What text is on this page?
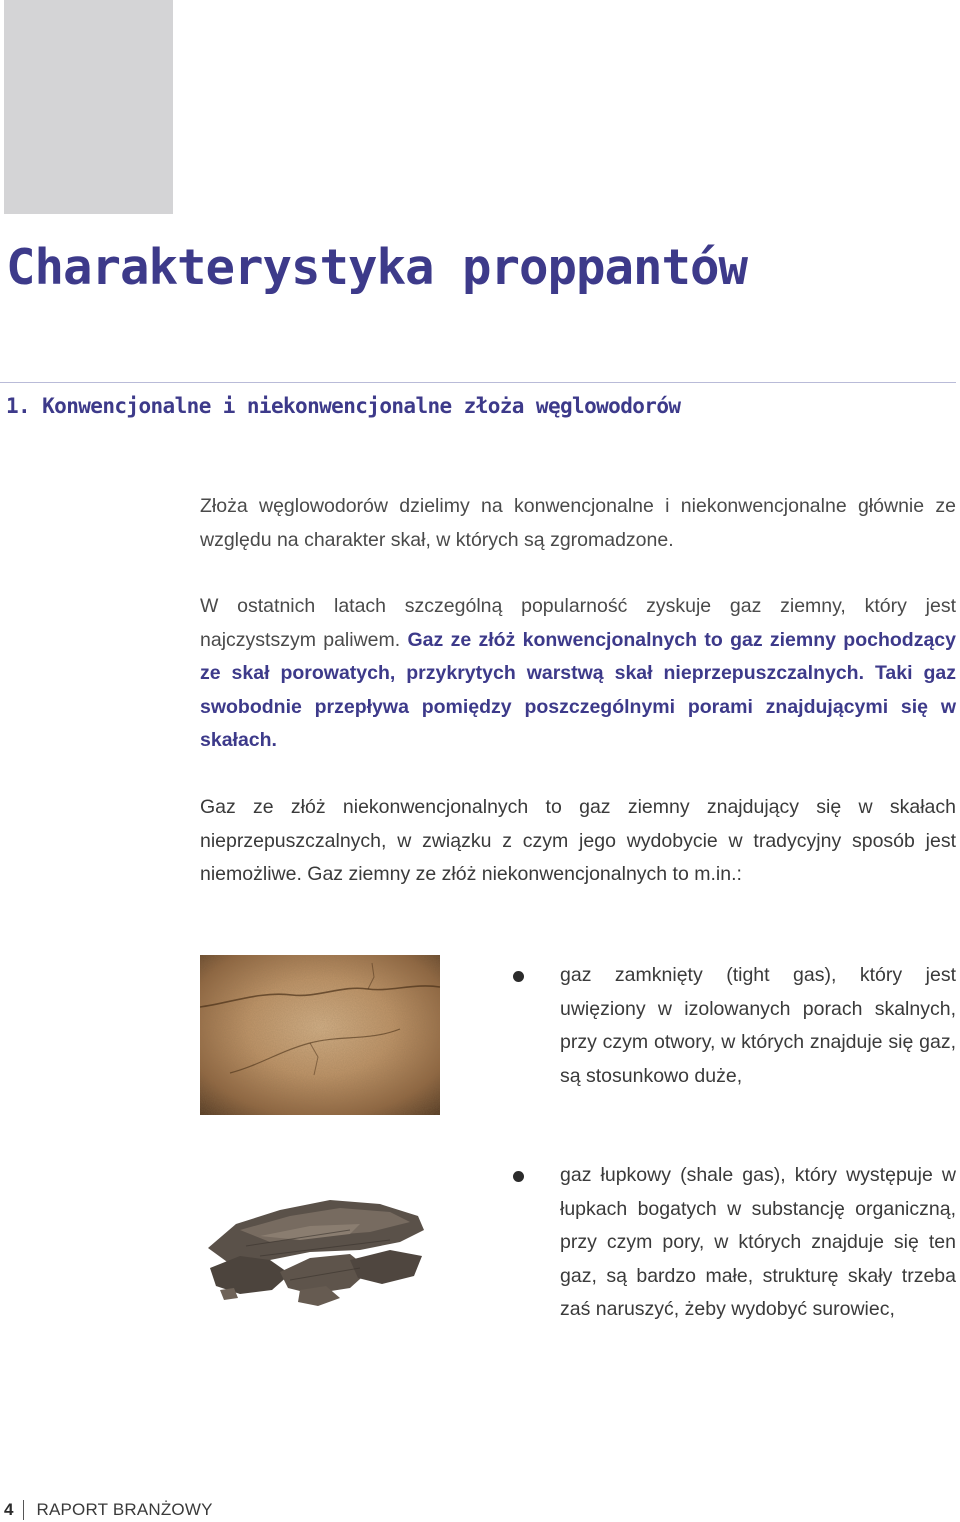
Charakterystyka proppantów
1. Konwencjonalne i niekonwencjonalne złoża węglowodorów

Złoża węglowodorów dzielimy na konwencjonalne i niekonwencjonalne głównie ze względu na charakter skał, w których są zgromadzone.

W ostatnich latach szczególną popularność zyskuje gaz ziemny, który jest najczystszym paliwem. Gaz ze złóż konwencjonalnych to gaz ziemny pochodzący ze skał porowatych, przykrytych warstwą skał nieprzepuszczalnych. Taki gaz swobodnie przepływa pomiędzy poszczególnymi porami znajdującymi się w skałach.

Gaz ze złóż niekonwencjonalnych to gaz ziemny znajdujący się w skałach nieprzepuszczalnych, w związku z czym jego wydobycie w tradycyjny sposób jest niemożliwe. Gaz ziemny ze złóż niekonwencjonalnych to m.in.:

gaz zamknięty (tight gas), który jest uwięziony w izolowanych porach skalnych, przy czym otwory, w których znajduje się gaz, są stosunkowo duże,

gaz łupkowy (shale gas), który występuje w łupkach bogatych w substancję organiczną, przy czym pory, w których znajduje się ten gaz, są bardzo małe, strukturę skały trzeba zaś naruszyć, żeby wydobyć surowiec,

4 RAPORT BRANŻOWY
